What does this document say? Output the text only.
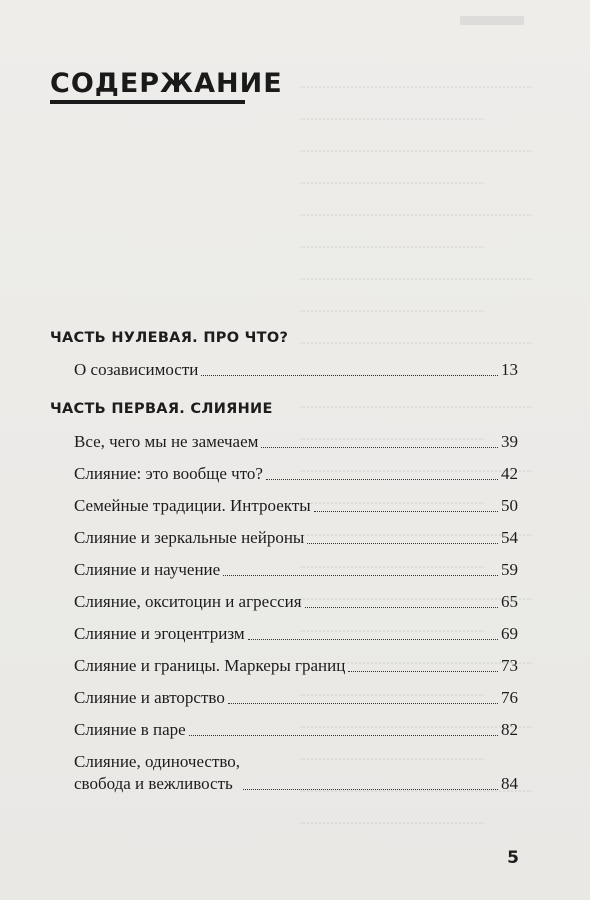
СОДЕРЖАНИЕ
ЧАСТЬ НУЛЕВАЯ. ПРО ЧТО?
О созависимости	13
ЧАСТЬ ПЕРВАЯ. СЛИЯНИЕ
Все, чего мы не замечаем	39
Слияние: это вообще что?	42
Семейные традиции. Интроекты	50
Слияние и зеркальные нейроны	54
Слияние и научение	59
Слияние, окситоцин и агрессия	65
Слияние и эгоцентризм	69
Слияние и границы. Маркеры границ	73
Слияние и авторство	76
Слияние в паре	82
Слияние, одиночество,
свобода и вежливость	84
5
